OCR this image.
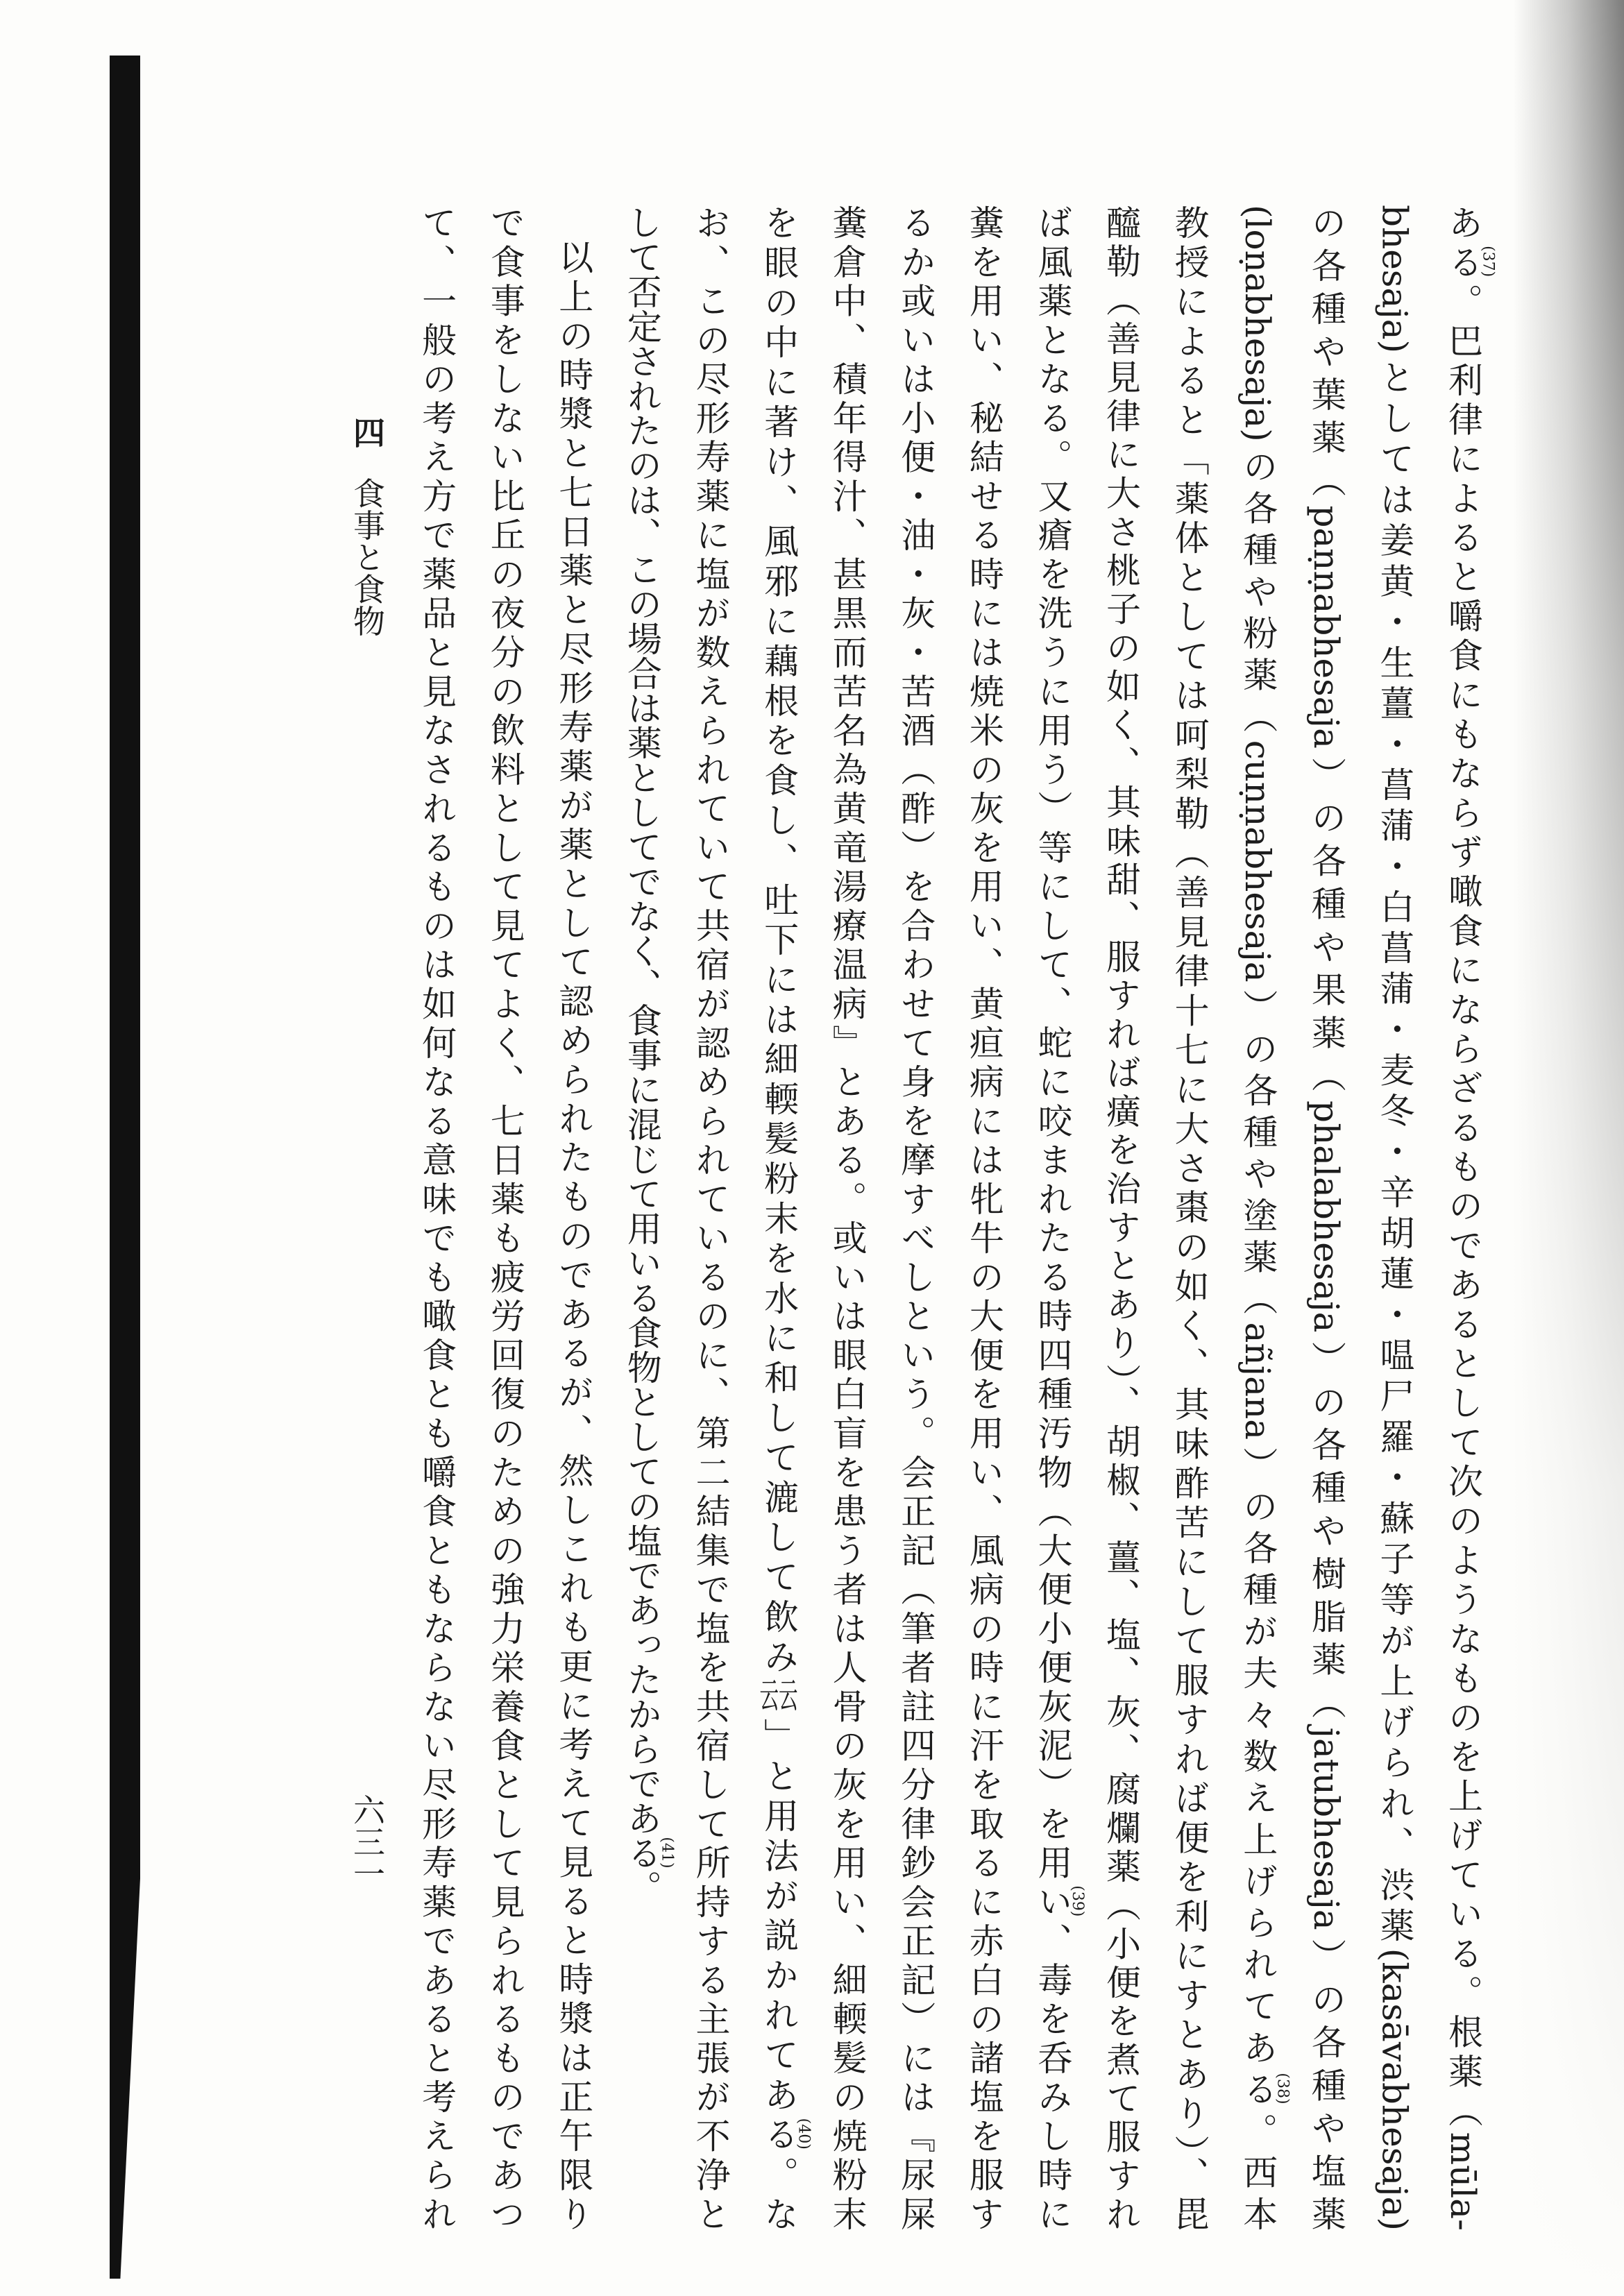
ある(37)。巴利律によると嚼食にもならず噉食にならざるものであるとして次のようなものを上げている。根薬（mūla-
bhesaja)としては姜黄・生薑・菖蒲・白菖蒲・麦冬・辛胡蓮・嗢尸羅・蘇子等が上げられ、渋薬(kasāvabhesaja)
の各種や葉薬（paṇṇabhesaja）の各種や果薬（phalabhesaja）の各種や樹脂薬（jatubhesaja）の各種や塩薬
(loṇabhesaja)の各種や粉薬（cuṇṇabhesaja）の各種や塗薬（añjana）の各種が夫々数え上げられてある(38)。西本
教授によると「薬体としては呵梨勒（善見律十七に大さ棗の如く、其味酢苦にして服すれば便を利にすとあり）、毘
醯勒（善見律に大さ桃子の如く、其味甜、服すれば癀を治すとあり）、胡椒、薑、塩、灰、腐爛薬（小便を煮て服すれ
ば風薬となる。又瘡を洗うに用う）等にして、蛇に咬まれたる時四種汚物（大便小便灰泥）を用い(39)、毒を呑みし時に
糞を用い、秘結せる時には焼米の灰を用い、黄疸病には牝牛の大便を用い、風病の時に汗を取るに赤白の諸塩を服す
るか或いは小便・油・灰・苦酒（酢）を合わせて身を摩すべしという。会正記（筆者註四分律鈔会正記）には『尿屎
糞倉中、積年得汁、甚黒而苦名為黄竜湯療温病』とある。或いは眼白盲を患う者は人骨の灰を用い、細輭髪の焼粉末
を眼の中に著け、風邪に藕根を食し、吐下には細輭髪粉末を水に和して漉して飲み云云」と用法が説かれてある(40)。な
お、この尽形寿薬に塩が数えられていて共宿が認められているのに、第二結集で塩を共宿して所持する主張が不浄と
して否定されたのは、この場合は薬としてでなく、食事に混じて用いる食物としての塩であったからである(41)。
以上の時漿と七日薬と尽形寿薬が薬として認められたものであるが、然しこれも更に考えて見ると時漿は正午限り
で食事をしない比丘の夜分の飲料として見てよく、七日薬も疲労回復のための強力栄養食として見られるものであつ
て、一般の考え方で薬品と見なされるものは如何なる意味でも噉食とも嚼食ともならない尽形寿薬であると考えられ
四食事と食物
六三一
